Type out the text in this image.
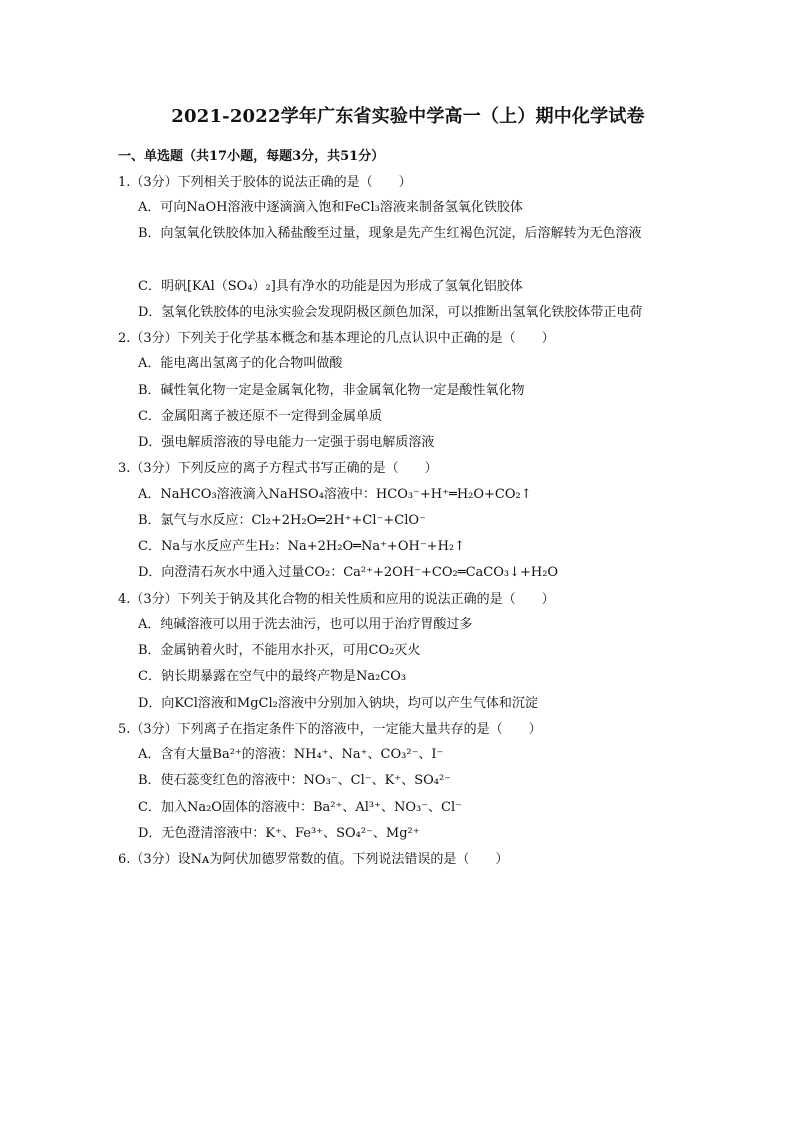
2021-2022学年广东省实验中学高一（上）期中化学试卷
一、单选题（共17小题，每题3分，共51分）
1.（3分）下列相关于胶体的说法正确的是（　　）
A．可向NaOH溶液中逐滴滴入饱和FeCl₃溶液来制备氢氧化铁胶体
B．向氢氧化铁胶体加入稀盐酸至过量，现象是先产生红褐色沉淀，后溶解转为无色溶液
C．明矾[KAl（SO₄）₂]具有净水的功能是因为形成了氢氧化铝胶体
D．氢氧化铁胶体的电泳实验会发现阴极区颜色加深，可以推断出氢氧化铁胶体带正电荷
2.（3分）下列关于化学基本概念和基本理论的几点认识中正确的是（　　）
A．能电离出氢离子的化合物叫做酸
B．碱性氧化物一定是金属氧化物，非金属氧化物一定是酸性氧化物
C．金属阳离子被还原不一定得到金属单质
D．强电解质溶液的导电能力一定强于弱电解质溶液
3.（3分）下列反应的离子方程式书写正确的是（　　）
A．NaHCO₃溶液滴入NaHSO₄溶液中：HCO₃⁻+H⁺═H₂O+CO₂↑
B．氯气与水反应：Cl₂+2H₂O═2H⁺+Cl⁻+ClO⁻
C．Na与水反应产生H₂：Na+2H₂O═Na⁺+OH⁻+H₂↑
D．向澄清石灰水中通入过量CO₂：Ca²⁺+2OH⁻+CO₂═CaCO₃↓+H₂O
4.（3分）下列关于钠及其化合物的相关性质和应用的说法正确的是（　　）
A．纯碱溶液可以用于洗去油污，也可以用于治疗胃酸过多
B．金属钠着火时，不能用水扑灭，可用CO₂灭火
C．钠长期暴露在空气中的最终产物是Na₂CO₃
D．向KCl溶液和MgCl₂溶液中分别加入钠块，均可以产生气体和沉淀
5.（3分）下列离子在指定条件下的溶液中，一定能大量共存的是（　　）
A．含有大量Ba²⁺的溶液：NH₄⁺、Na⁺、CO₃²⁻、I⁻
B．使石蕊变红色的溶液中：NO₃⁻、Cl⁻、K⁺、SO₄²⁻
C．加入Na₂O固体的溶液中：Ba²⁺、Al³⁺、NO₃⁻、Cl⁻
D．无色澄清溶液中：K⁺、Fe³⁺、SO₄²⁻、Mg²⁺
6.（3分）设Nᴀ为阿伏加德罗常数的值。下列说法错误的是（　　）
